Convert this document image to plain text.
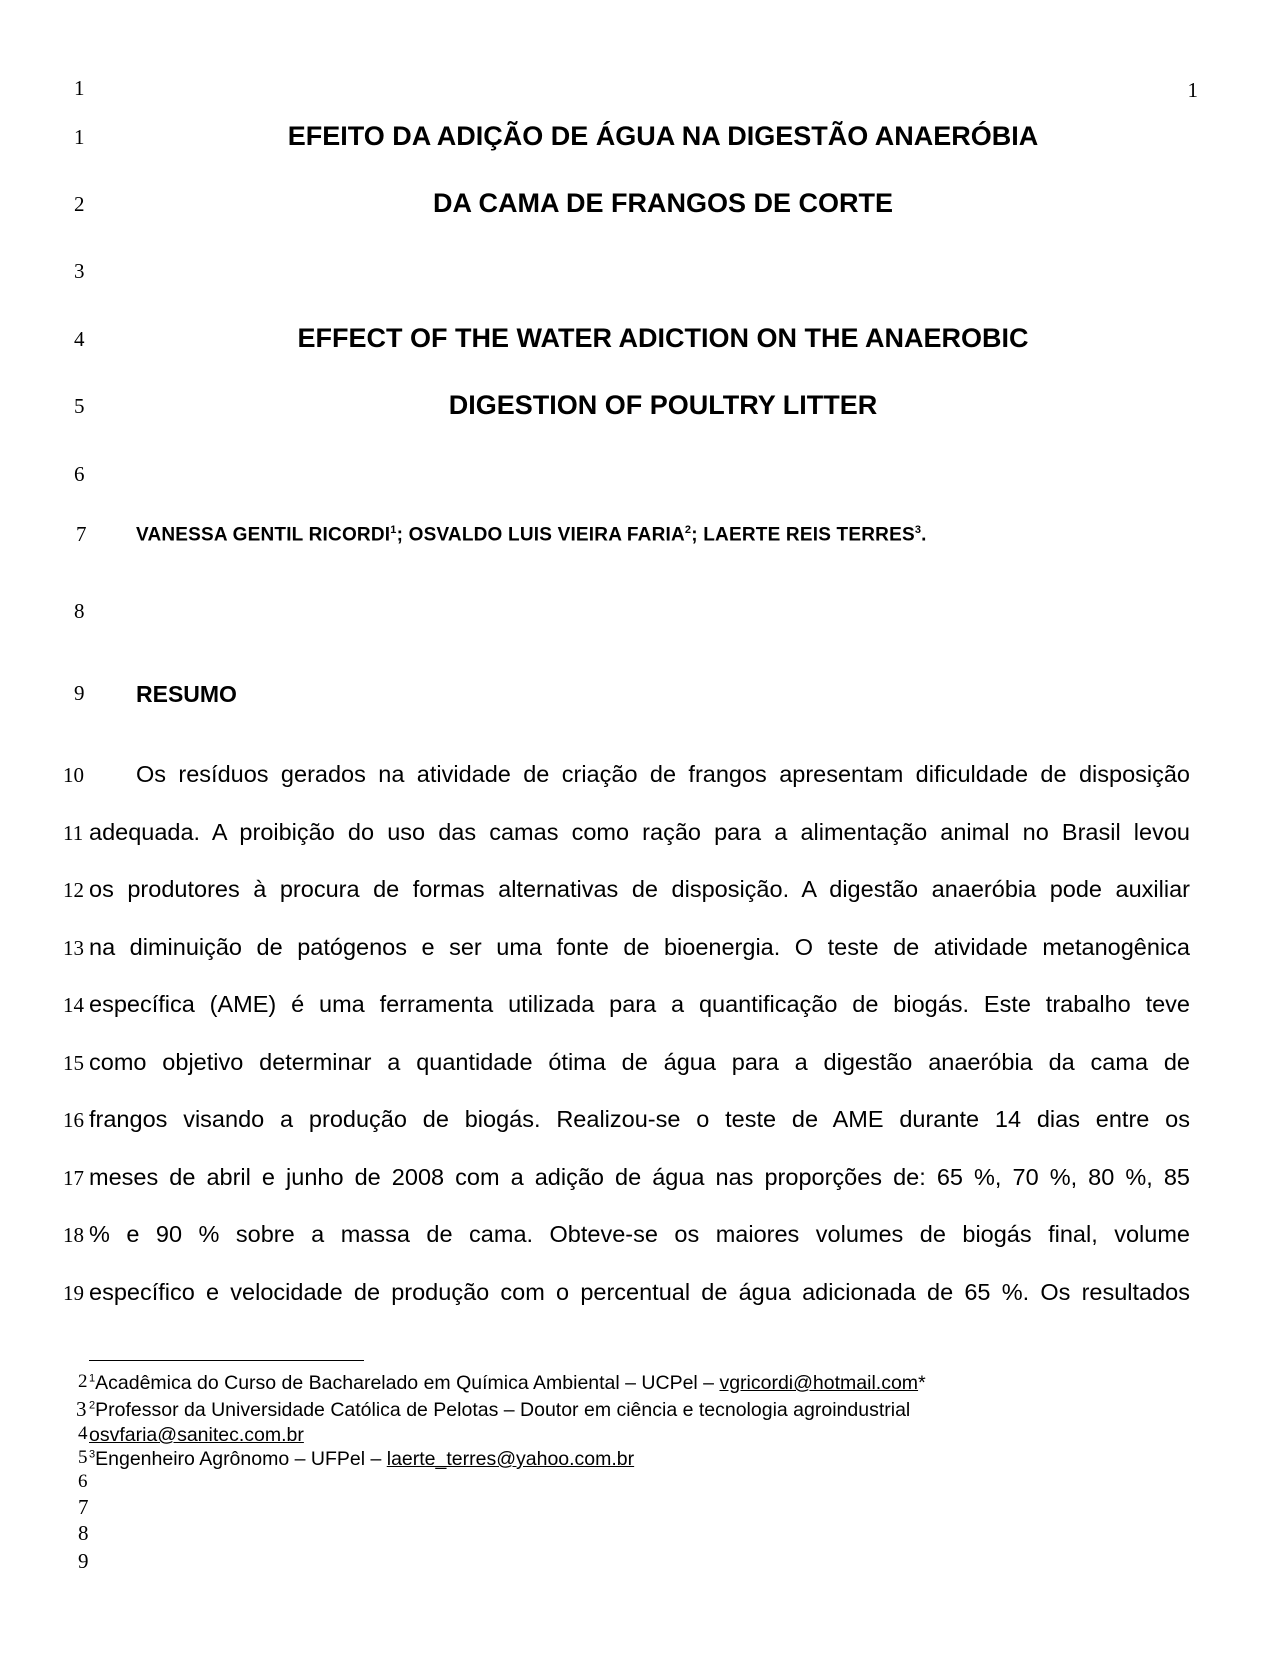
1
1
1
2
3
4
5
6
7
8
9
10
11
12
13
14
15
16
17
18
19
EFEITO DA ADIÇÃO DE ÁGUA NA DIGESTÃO ANAERÓBIA
DA CAMA DE FRANGOS DE CORTE
EFFECT OF THE WATER ADICTION ON THE ANAEROBIC
DIGESTION OF POULTRY LITTER
VANESSA GENTIL RICORDI$^1$; OSVALDO LUIS VIEIRA FARIA$^2$; LAERTE REIS TERRES$^3$.
RESUMO
Os resíduos gerados na atividade de criação de frangos apresentam dificuldade de disposição
adequada. A proibição do uso das camas como ração para a alimentação animal no Brasil levou
os produtores à procura de formas alternativas de disposição. A digestão anaeróbia pode auxiliar
na diminuição de patógenos e ser uma fonte de bioenergia. O teste de atividade metanogênica
específica (AME) é uma ferramenta utilizada para a quantificação de biogás. Este trabalho teve
como objetivo determinar a quantidade ótima de água para a digestão anaeróbia da cama de
frangos visando a produção de biogás. Realizou-se o teste de AME durante 14 dias entre os
meses de abril e junho de 2008 com a adição de água nas proporções de: 65 %, 70 %, 80 %, 85
% e 90 % sobre a massa de cama. Obteve-se os maiores volumes de biogás final, volume
específico e velocidade de produção com o percentual de água adicionada de 65 %. Os resultados
2
3
4
5
6
7
8
9
$^1$Acadêmica do Curso de Bacharelado em Química Ambiental – UCPel – vgricordi@hotmail.com*
$^2$Professor da Universidade Católica de Pelotas – Doutor em ciência e tecnologia agroindustrial
osvfaria@sanitec.com.br
$^3$Engenheiro Agrônomo – UFPel – laerte_terres@yahoo.com.br
